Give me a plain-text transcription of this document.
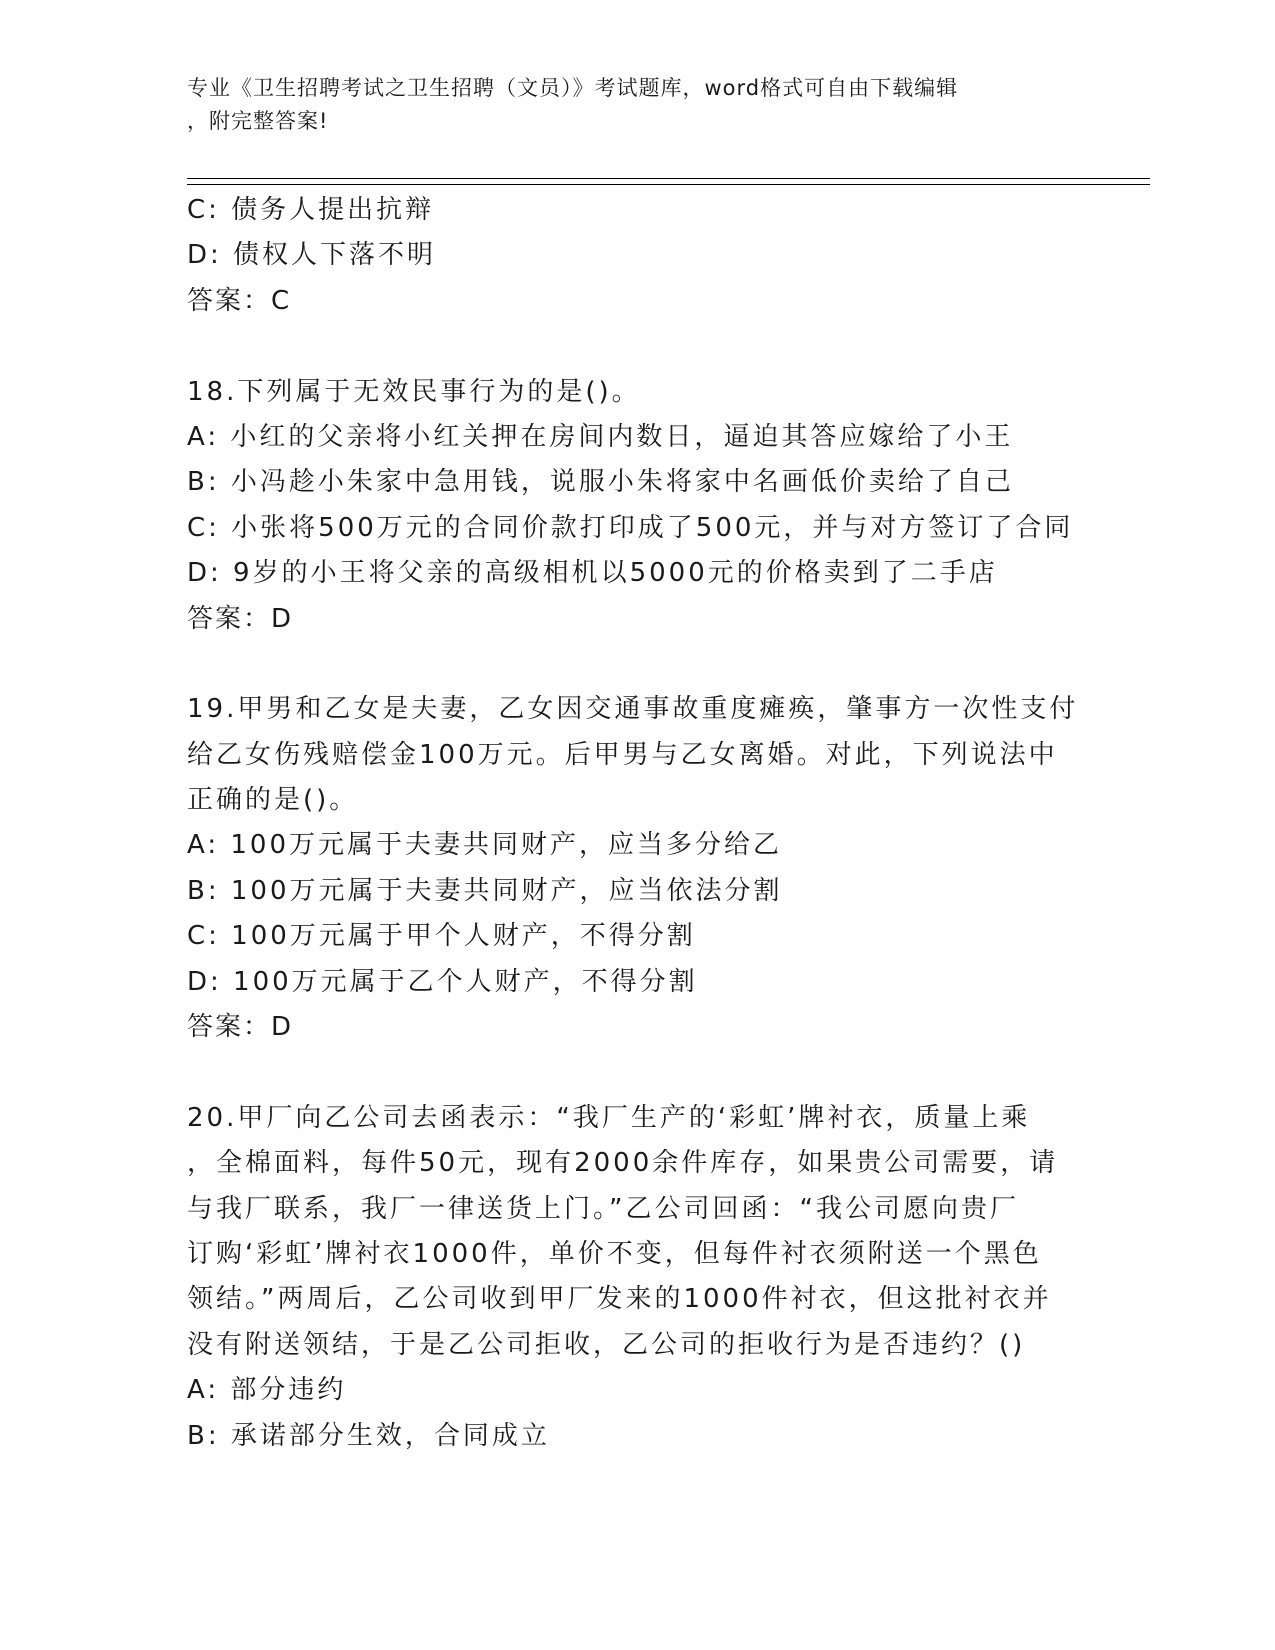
专业《卫生招聘考试之卫生招聘（文员）》考试题库，word格式可自由下载编辑
，附完整答案!
C: 债务人提出抗辩
D: 债权人下落不明
答案：C
18.下列属于无效民事行为的是()。
A: 小红的父亲将小红关押在房间内数日，逼迫其答应嫁给了小王
B: 小冯趁小朱家中急用钱，说服小朱将家中名画低价卖给了自己
C: 小张将500万元的合同价款打印成了500元，并与对方签订了合同
D: 9岁的小王将父亲的高级相机以5000元的价格卖到了二手店
答案：D
19.甲男和乙女是夫妻，乙女因交通事故重度瘫痪，肇事方一次性支付
给乙女伤残赔偿金100万元。后甲男与乙女离婚。对此，下列说法中
正确的是()。
A: 100万元属于夫妻共同财产，应当多分给乙
B: 100万元属于夫妻共同财产，应当依法分割
C: 100万元属于甲个人财产，不得分割
D: 100万元属于乙个人财产，不得分割
答案：D
20.甲厂向乙公司去函表示：“我厂生产的‘彩虹’牌衬衣，质量上乘
，全棉面料，每件50元，现有2000余件库存，如果贵公司需要，请
与我厂联系，我厂一律送货上门。”乙公司回函：“我公司愿向贵厂
订购‘彩虹’牌衬衣1000件，单价不变，但每件衬衣须附送一个黑色
领结。”两周后，乙公司收到甲厂发来的1000件衬衣，但这批衬衣并
没有附送领结，于是乙公司拒收，乙公司的拒收行为是否违约？()
A: 部分违约
B: 承诺部分生效，合同成立
